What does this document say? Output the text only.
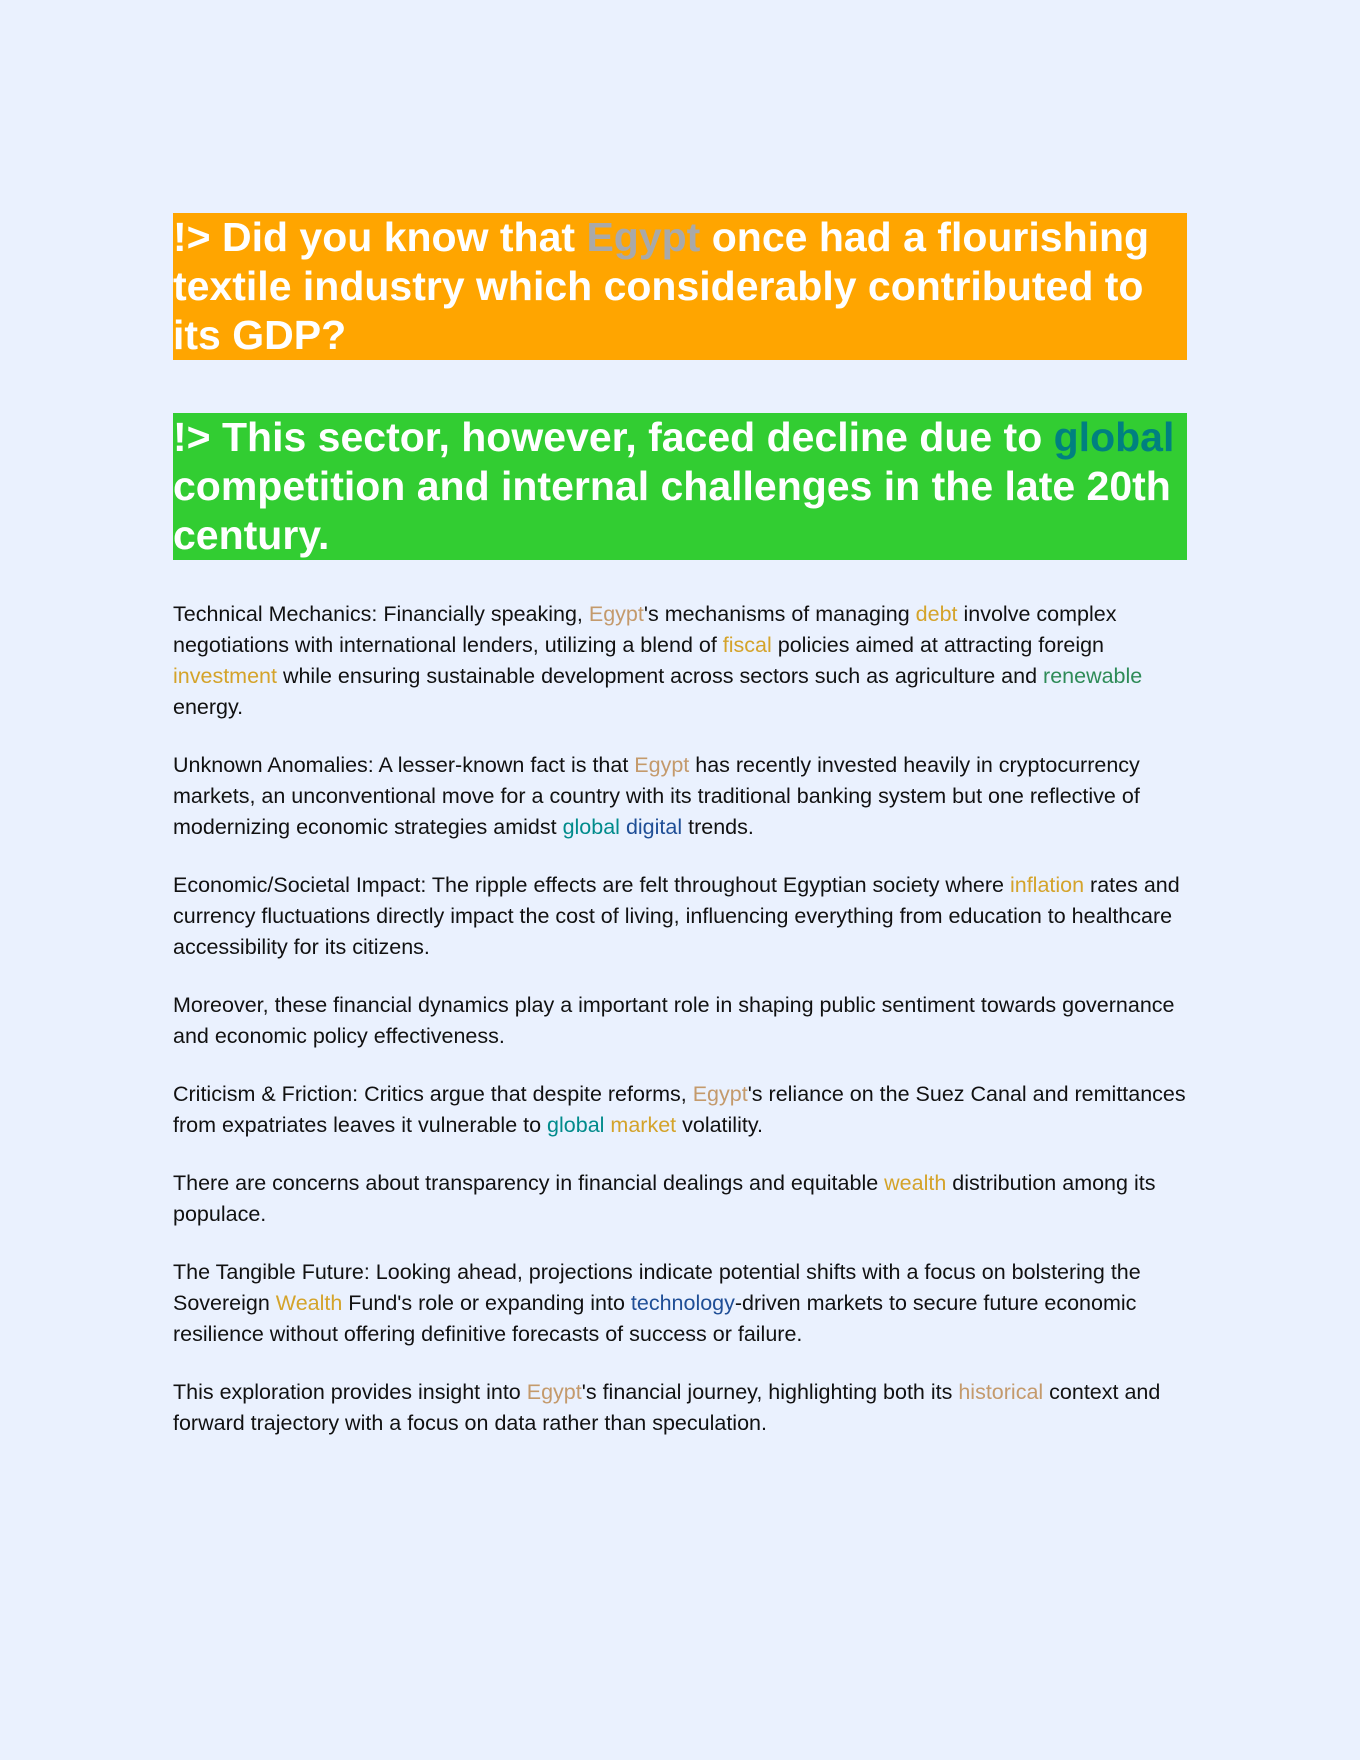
!> Did you know that Egypt once had a flourishing textile industry which considerably contributed to its GDP?
!> This sector, however, faced decline due to global competition and internal challenges in the late 20th century.

Technical Mechanics: Financially speaking, Egypt's mechanisms of managing debt involve complex negotiations with international lenders, utilizing a blend of fiscal policies aimed at attracting foreign investment while ensuring sustainable development across sectors such as agriculture and renewable energy.

Unknown Anomalies: A lesser-known fact is that Egypt has recently invested heavily in cryptocurrency markets, an unconventional move for a country with its traditional banking system but one reflective of modernizing economic strategies amidst global digital trends.

Economic/Societal Impact: The ripple effects are felt throughout Egyptian society where inflation rates and currency fluctuations directly impact the cost of living, influencing everything from education to healthcare accessibility for its citizens.

Moreover, these financial dynamics play a important role in shaping public sentiment towards governance and economic policy effectiveness.

Criticism & Friction: Critics argue that despite reforms, Egypt's reliance on the Suez Canal and remittances from expatriates leaves it vulnerable to global market volatility.

There are concerns about transparency in financial dealings and equitable wealth distribution among its populace.

The Tangible Future: Looking ahead, projections indicate potential shifts with a focus on bolstering the Sovereign Wealth Fund's role or expanding into technology-driven markets to secure future economic resilience without offering definitive forecasts of success or failure.

This exploration provides insight into Egypt's financial journey, highlighting both its historical context and forward trajectory with a focus on data rather than speculation.
